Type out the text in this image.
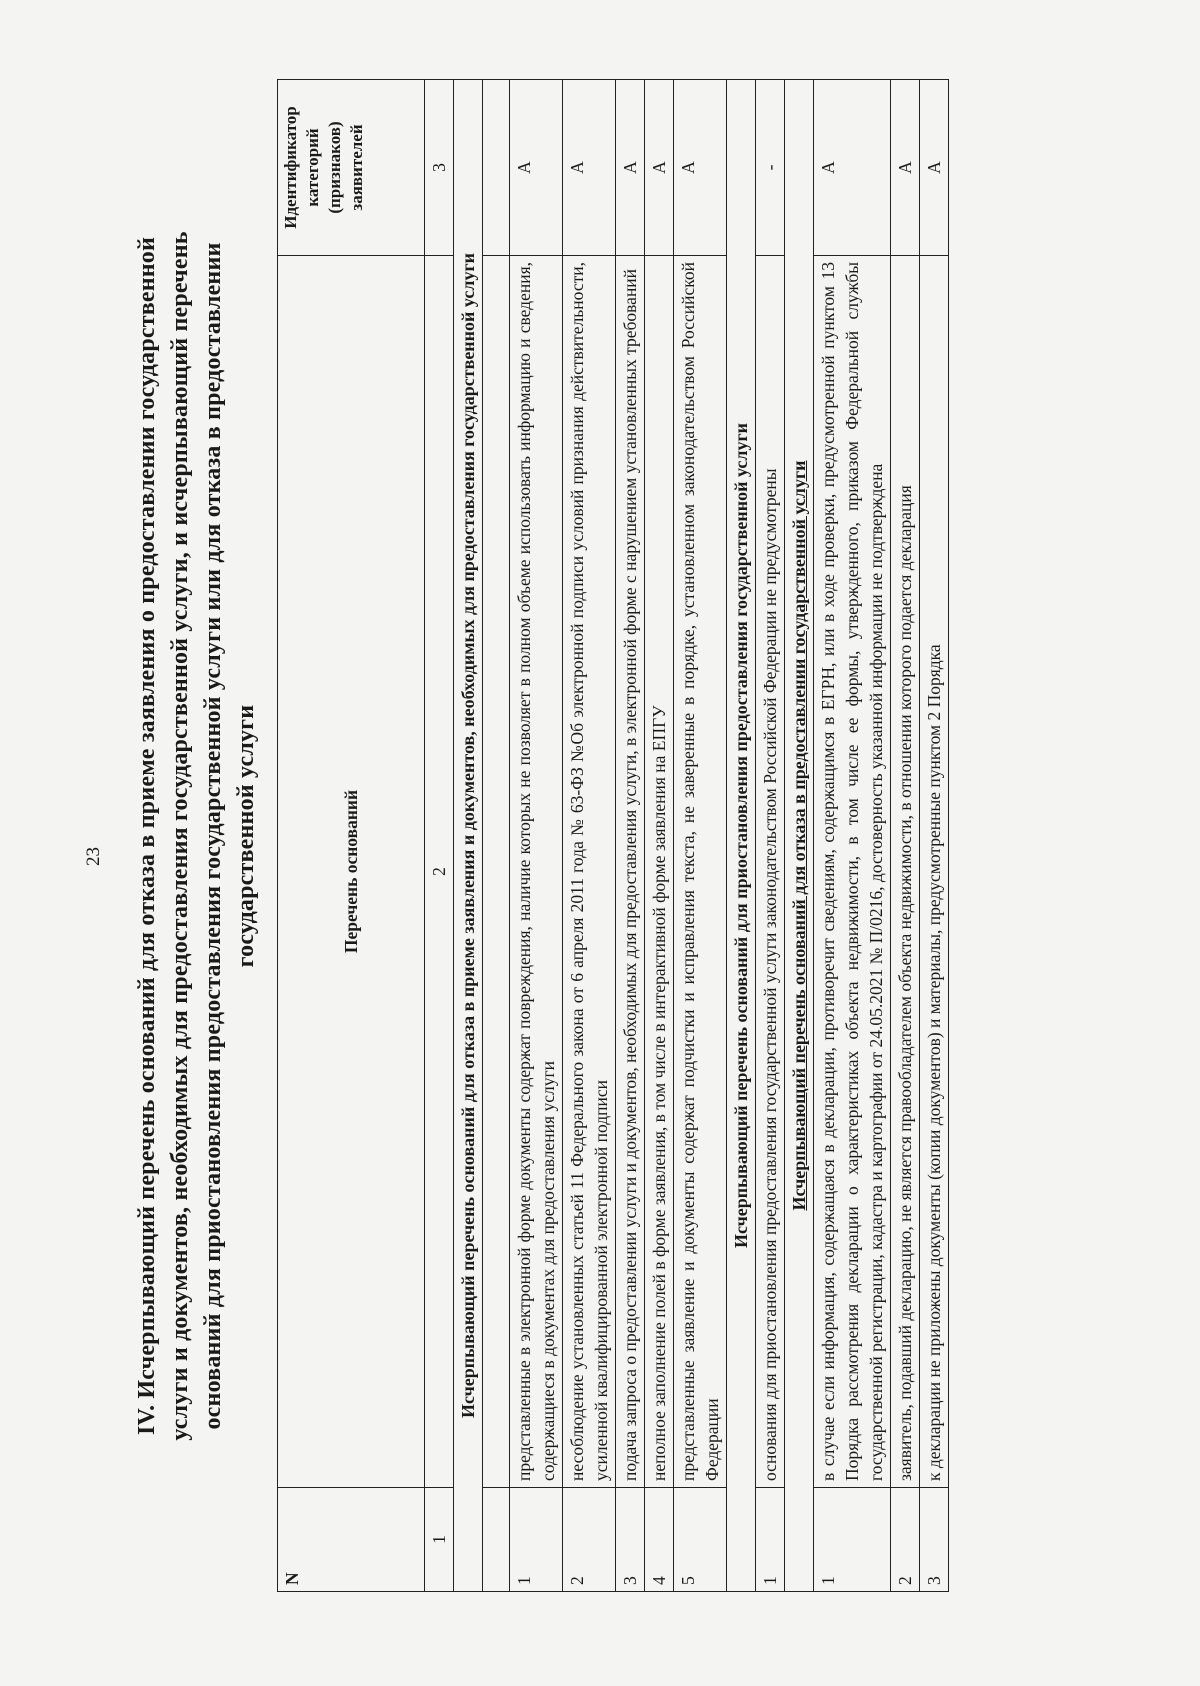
23 IV. Исчерпывающий перечень оснований для отказа в приеме заявления о предоставлении государственной услуги и документов, необходимых для предоставления государственной услуги, и исчерпывающий перечень оснований для приостановления предоставления государственной услуги или для отказа в предоставлении государственной услуги
N	Перечень оснований	Идентификатор категорий (признаков) заявителей
1	2	3
Исчерпывающий перечень оснований для отказа в приеме заявления и документов, необходимых для предоставления государственной услуги		

1	представленные в электронной форме документы содержат повреждения, наличие которых не позволяет в полном объеме использовать информацию и сведения, содержащиеся в документах для предоставления услуги	А
2	несоблюдение установленных статьей 11 Федерального закона от 6 апреля 2011 года № 63-ФЗ №Об электронной подписи условий признания действительности, усиленной квалифицированной электронной подписи	А
3	подача запроса о предоставлении услуги и документов, необходимых для предоставления услуги, в электронной форме с нарушением установленных требований	А
4	неполное заполнение полей в форме заявления, в том числе в интерактивной форме заявления на ЕПГУ	А
5	представленные заявление и документы содержат подчистки и исправления текста, не заверенные в порядке, установленном законодательством Российской Федерации	А
Исчерпывающий перечень оснований для приостановления предоставления государственной услуги		
1	основания для приостановления предоставления государственной услуги законодательством Российской Федерации не предусмотрены	-
Исчерпывающий перечень оснований для отказа в предоставлении государственной услуги		
1	в случае если информация, содержащаяся в декларации, противоречит сведениям, содержащимся в ЕГРН, или в ходе проверки, предусмотренной пунктом 13 Порядка рассмотрения декларации о характеристиках объекта недвижимости, в том числе ее формы, утвержденного, приказом Федеральной службы государственной регистрации, кадастра и картографии от 24.05.2021 № П/0216, достоверность указанной информации не подтверждена	А
2	заявитель, подавший декларацию, не является правообладателем объекта недвижимости, в отношении которого подается декларация	А
3	к декларации не приложены документы (копии документов) и материалы, предусмотренные пунктом 2 Порядка	А
